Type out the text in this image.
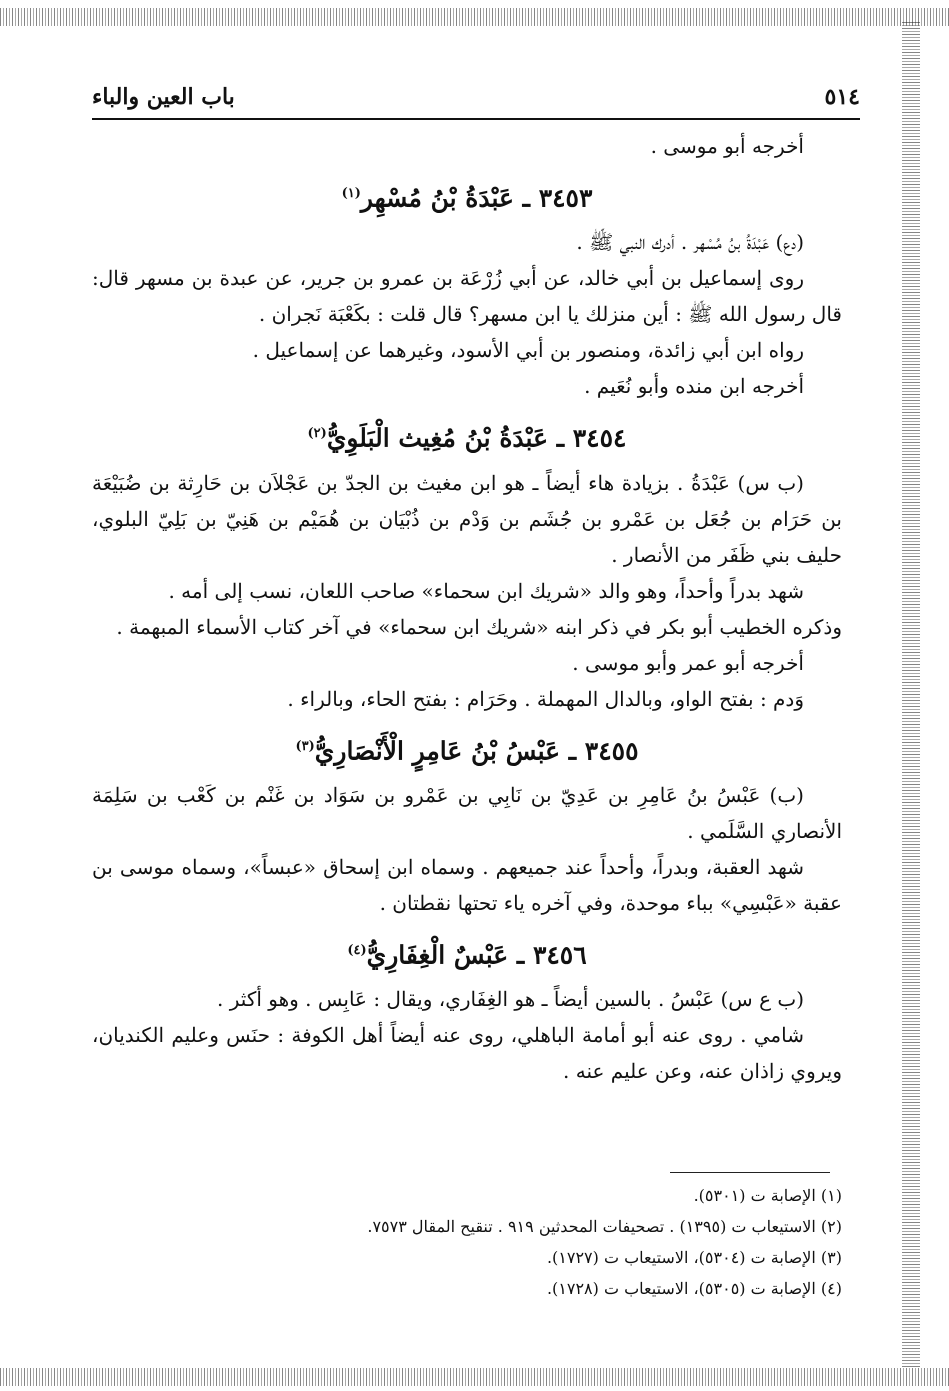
٥١٤
باب العين والباء

أخرجه أبو موسى .

٣٤٥٣ ـ عَبْدَةُ بْنُ مُسْهِر$^{(١)}$

(دع) عَبْدَةُ بنُ مُسْهر . أدرك النبي ﷺ .

روى إسماعيل بن أبي خالد، عن أبي زُرْعَة بن عمرو بن جرير، عن عبدة بن مسهر قال: قال رسول الله ﷺ : أين منزلك يا ابن مسهر؟ قال قلت : بكَعْبَة نَجران .

رواه ابن أبي زائدة، ومنصور بن أبي الأسود، وغيرهما عن إسماعيل .

أخرجه ابن منده وأبو نُعَيم .

٣٤٥٤ ـ عَبْدَةُ بْنُ مُغِيث الْبَلَوِيُّ$^{(٢)}$

(ب س) عَبْدَةُ . بزيادة هاء أيضاً ـ هو ابن مغيث بن الجدّ بن عَجْلاَن بن حَارِثة بن ضُبَيْعَة بن حَرَام بن جُعَل بن عَمْرو بن جُشَم بن وَدْم بن ذُبْيَان بن هُمَيْم بن هَنِيّ بن بَلِيّ البلوي، حليف بني ظَفَر من الأنصار .

شهد بدراً وأحداً، وهو والد «شريك ابن سحماء» صاحب اللعان، نسب إلى أمه .

وذكره الخطيب أبو بكر في ذكر ابنه «شريك ابن سحماء» في آخر كتاب الأسماء المبهمة .

أخرجه أبو عمر وأبو موسى .

وَدم : بفتح الواو، وبالدال المهملة . وحَرَام : بفتح الحاء، وبالراء .

٣٤٥٥ ـ عَبْسُ بْنُ عَامِرٍ الْأَنْصَارِيُّ$^{(٣)}$

(ب) عَبْسُ بنُ عَامِرِ بن عَدِيّ بن نَابِي بن عَمْرو بن سَوَاد بن غَنْم بن كَعْب بن سَلِمَة الأنصاري السَّلَمي .

شهد العقبة، وبدراً، وأحداً عند جميعهم . وسماه ابن إسحاق «عبساً»، وسماه موسى بن عقبة «عَبْسِي» بباء موحدة، وفي آخره ياء تحتها نقطتان .

٣٤٥٦ ـ عَبْسٌ الْغِفَارِيُّ$^{(٤)}$

(ب ع س) عَبْسُ . بالسين أيضاً ـ هو الغِفَاري، ويقال : عَابِس . وهو أكثر .

شامي . روى عنه أبو أمامة الباهلي، روى عنه أيضاً أهل الكوفة : حنَس وعليم الكنديان، ويروي زاذان عنه، وعن عليم عنه .

(١) الإصابة ت (٥٣٠١).
(٢) الاستيعاب ت (١٣٩٥) . تصحيفات المحدثين ٩١٩ . تنقيح المقال ٧٥٧٣.
(٣) الإصابة ت (٥٣٠٤)، الاستيعاب ت (١٧٢٧).
(٤) الإصابة ت (٥٣٠٥)، الاستيعاب ت (١٧٢٨).
